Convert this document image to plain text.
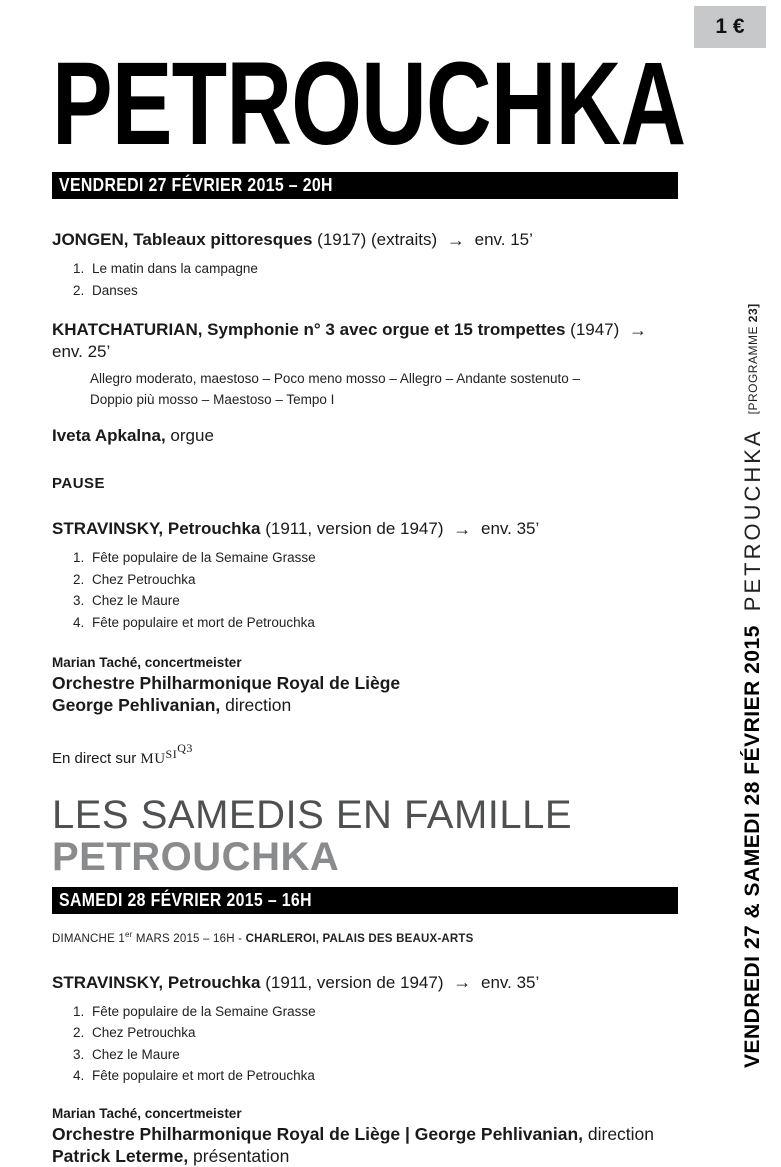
1 €
PETROUCHKA
VENDREDI 27 FÉVRIER 2015 – 20H
JONGEN, Tableaux pittoresques (1917) (extraits) → env. 15’
Le matin dans la campagne
Danses
KHATCHATURIAN, Symphonie n° 3 avec orgue et 15 trompettes (1947) → env. 25’
Allegro moderato, maestoso – Poco meno mosso – Allegro – Andante sostenuto –
Doppio più mosso – Maestoso – Tempo I
Iveta Apkalna, orgue
PAUSE
STRAVINSKY, Petrouchka (1911, version de 1947) → env. 35’
Fête populaire de la Semaine Grasse
Chez Petrouchka
Chez le Maure
Fête populaire et mort de Petrouchka
Marian Taché, concertmeister
Orchestre Philharmonique Royal de Liège
George Pehlivanian, direction
En direct sur $MU^{SIQ3}$
LES SAMEDIS EN FAMILLE
PETROUCHKA
SAMEDI 28 FÉVRIER 2015 – 16H
DIMANCHE 1er MARS 2015 – 16H - CHARLEROI, PALAIS DES BEAUX-ARTS
STRAVINSKY, Petrouchka (1911, version de 1947) → env. 35’
Fête populaire de la Semaine Grasse
Chez Petrouchka
Chez le Maure
Fête populaire et mort de Petrouchka
Marian Taché, concertmeister
Orchestre Philharmonique Royal de Liège | George Pehlivanian, direction
Patrick Leterme, présentation
VENDREDI 27 & SAMEDI 28 FÉVRIER 2015
PETROUCHKA
[PROGRAMME 23]
